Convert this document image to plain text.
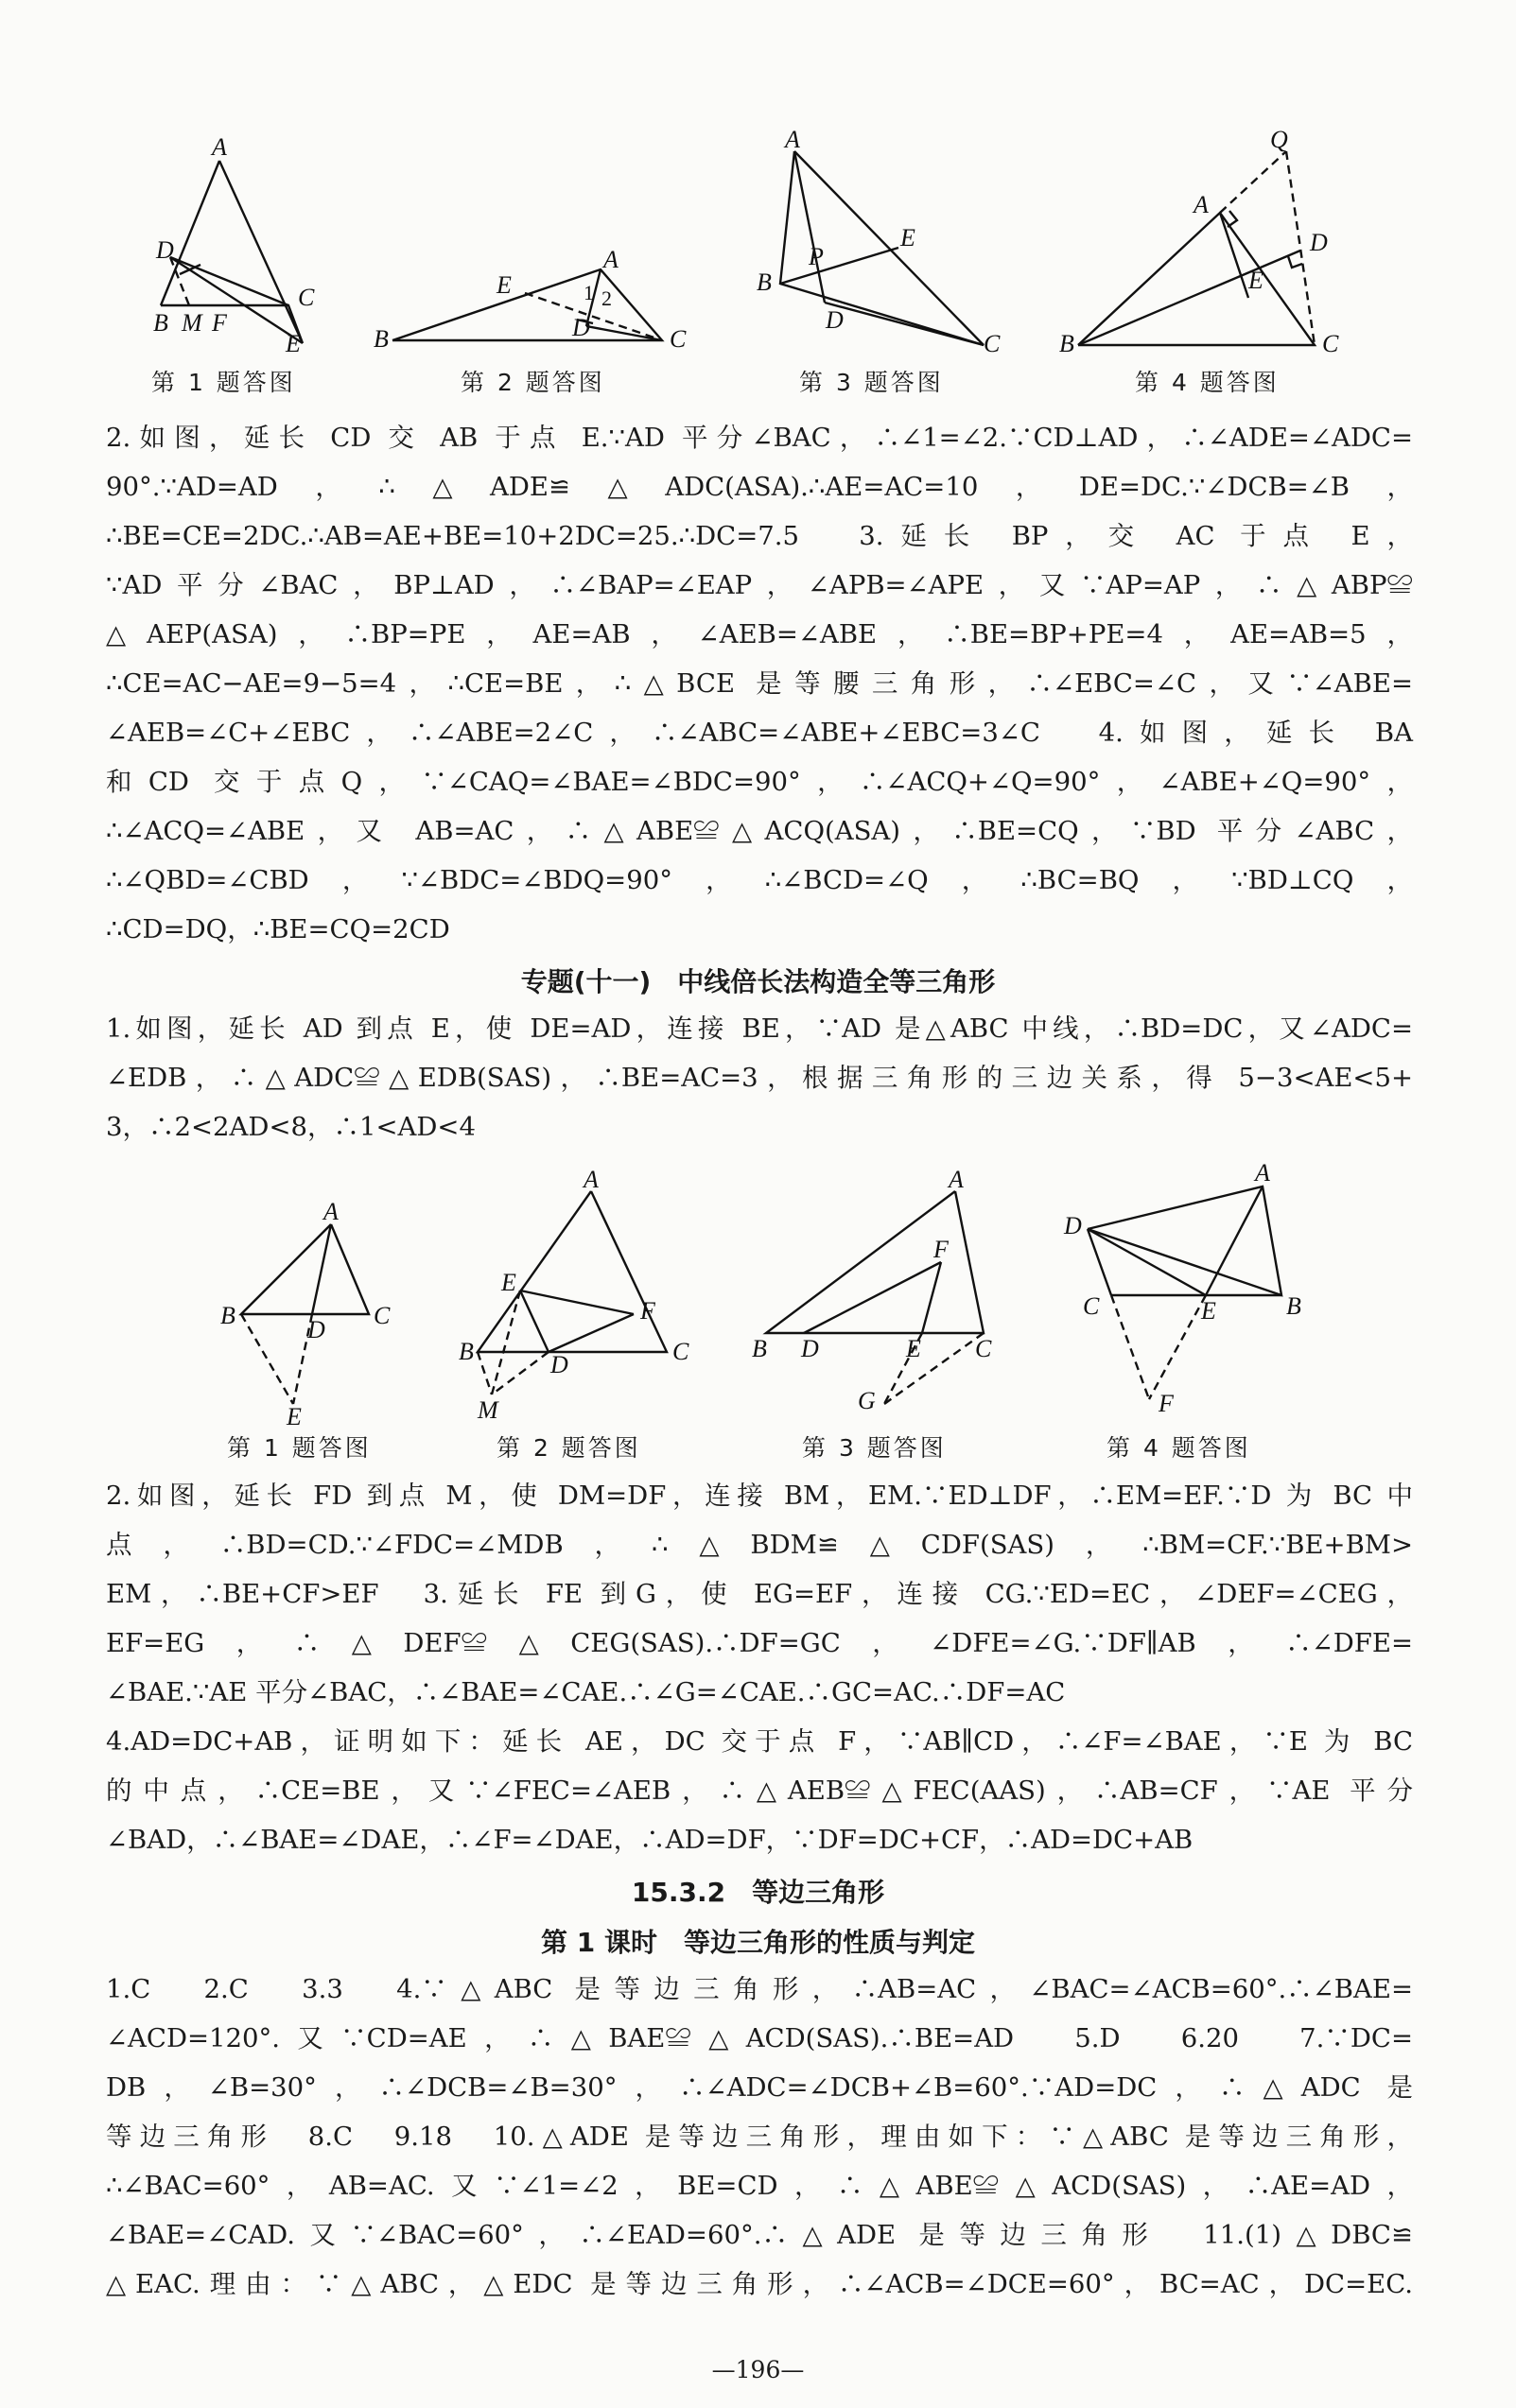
A
D
B M F
C
E
A
E	1 2
D
B	C
A
E
P
B
D
C
Q
A
D
E
B	C
第 1 题答图	第 2 题答图	第 3 题答图	第 4 题答图
2.如图，延长 CD 交 AB 于点 E.∵AD 平分∠BAC，∴∠1=∠2.∵CD⊥AD，∴∠ADE=∠ADC=
90°.∵AD=AD，∴△ADE≌△ADC(ASA).∴AE=AC=10，DE=DC.∵∠DCB=∠B，
∴BE=CE=2DC.∴AB=AE+BE=10+2DC=25.∴DC=7.5　3.延长 BP，交 AC 于点 E，
∵AD平分∠BAC，BP⊥AD，∴∠BAP=∠EAP，∠APB=∠APE，又∵AP=AP，∴△ABP≌
△AEP(ASA)，∴BP=PE，AE=AB，∠AEB=∠ABE，∴BE=BP+PE=4，AE=AB=5，
∴CE=AC−AE=9−5=4，∴CE=BE，∴△BCE 是等腰三角形，∴∠EBC=∠C，又∵∠ABE=
∠AEB=∠C+∠EBC，∴∠ABE=2∠C，∴∠ABC=∠ABE+∠EBC=3∠C　4.如图，延长 BA
和CD 交于点Q，∵∠CAQ=∠BAE=∠BDC=90°，∴∠ACQ+∠Q=90°，∠ABE+∠Q=90°，
∴∠ACQ=∠ABE，又 AB=AC，∴△ABE≌△ACQ(ASA)，∴BE=CQ，∵BD 平分∠ABC，
∴∠QBD=∠CBD，∵∠BDC=∠BDQ=90°，∴∠BCD=∠Q，∴BC=BQ，∵BD⊥CQ，
∴CD=DQ，∴BE=CQ=2CD
专题(十一)　中线倍长法构造全等三角形
1.如图，延长 AD 到点 E，使 DE=AD，连接 BE，∵AD 是△ABC 中线，∴BD=DC，又∠ADC=
∠EDB，∴△ADC≌△EDB(SAS)，∴BE=AC=3，根据三角形的三边关系，得 5−3<AE<5+
3，∴2<2AD<8，∴1<AD<4
A
B
D
C
E
A
E
F
B	D	C
M
A
F
B D	E C
G
A
D
C	E	B
F
第 1 题答图	第 2 题答图	第 3 题答图	第 4 题答图
2.如图，延长 FD 到点 M，使 DM=DF，连接 BM，EM.∵ED⊥DF，∴EM=EF.∵D 为 BC 中
点，∴BD=CD.∵∠FDC=∠MDB，∴△BDM≌△CDF(SAS)，∴BM=CF.∵BE+BM>
EM，∴BE+CF>EF　3.延长 FE 到G，使 EG=EF，连接 CG.∵ED=EC，∠DEF=∠CEG，
EF=EG，∴△DEF≌△CEG(SAS).∴DF=GC，∠DFE=∠G.∵DF∥AB，∴∠DFE=
∠BAE.∵AE 平分∠BAC，∴∠BAE=∠CAE.∴∠G=∠CAE.∴GC=AC.∴DF=AC
4.AD=DC+AB，证明如下：延长 AE，DC 交于点 F，∵AB∥CD，∴∠F=∠BAE，∵E 为 BC
的中点，∴CE=BE，又∵∠FEC=∠AEB，∴△AEB≌△FEC(AAS)，∴AB=CF，∵AE 平分
∠BAD，∴∠BAE=∠DAE，∴∠F=∠DAE，∴AD=DF，∵DF=DC+CF，∴AD=DC+AB
15.3.2　等边三角形
第 1 课时　等边三角形的性质与判定
1.C　2.C　3.3　4.∵△ABC 是等边三角形，∴AB=AC，∠BAC=∠ACB=60°.∴∠BAE=
∠ACD=120°.又∵CD=AE，∴△BAE≌△ACD(SAS).∴BE=AD　5.D　6.20　7.∵DC=
DB，∠B=30°，∴∠DCB=∠B=30°，∴∠ADC=∠DCB+∠B=60°.∵AD=DC，∴△ADC 是
等边三角形　8.C　9.18　10.△ADE 是等边三角形，理由如下：∵△ABC 是等边三角形，
∴∠BAC=60°，AB=AC.又∵∠1=∠2，BE=CD，∴△ABE≌△ACD(SAS)，∴AE=AD，
∠BAE=∠CAD.又∵∠BAC=60°，∴∠EAD=60°.∴△ADE 是等边三角形　11.(1)△DBC≌
△EAC.理由：∵△ABC，△EDC 是等边三角形，∴∠ACB=∠DCE=60°，BC=AC，DC=EC.
—196—
